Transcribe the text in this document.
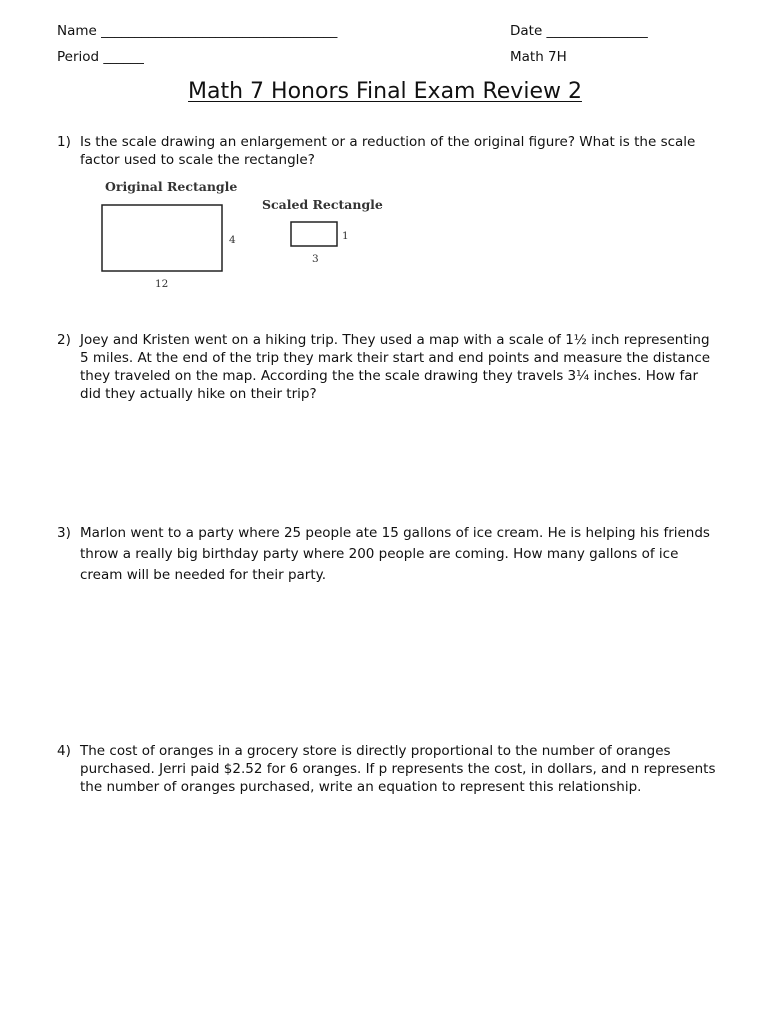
Name ___________________________________	Date _______________
Period ______	Math 7H
Math 7 Honors Final Exam Review 2
1) Is the scale drawing an enlargement or a reduction of the original figure? What is the scale factor used to scale the rectangle?
Original Rectangle
4
12
Scaled Rectangle
1
3
2) Joey and Kristen went on a hiking trip. They used a map with a scale of 1½ inch representing 5 miles. At the end of the trip they mark their start and end points and measure the distance they traveled on the map. According the the scale drawing they travels 3¼ inches. How far did they actually hike on their trip?
3) Marlon went to a party where 25 people ate 15 gallons of ice cream. He is helping his friends throw a really big birthday party where 200 people are coming. How many gallons of ice cream will be needed for their party.
4) The cost of oranges in a grocery store is directly proportional to the number of oranges purchased. Jerri paid $2.52 for 6 oranges. If p represents the cost, in dollars, and n represents the number of oranges purchased, write an equation to represent this relationship.
